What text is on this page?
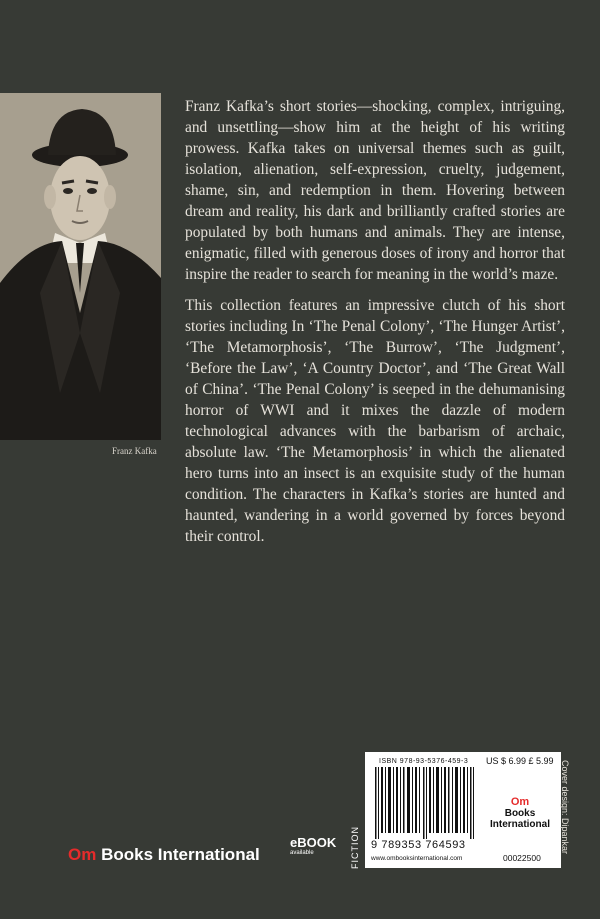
Franz Kafka

Franz Kafka’s short stories—shocking, complex, intriguing, and unsettling—show him at the height of his writing prowess. Kafka takes on universal themes such as guilt, isolation, alienation, self-expression, cruelty, judgement, shame, sin, and redemption in them. Hovering between dream and reality, his dark and brilliantly crafted stories are populated by both humans and animals. They are intense, enigmatic, filled with generous doses of irony and horror that inspire the reader to search for meaning in the world’s maze.

This collection features an impressive clutch of his short stories including In ‘The Penal Colony’, ‘The Hunger Artist’, ‘The Metamorphosis’, ‘The Burrow’, ‘The Judgment’, ‘Before the Law’, ‘A Country Doctor’, and ‘The Great Wall of China’. ‘The Penal Colony’ is seeped in the dehumanising horror of WWI and it mixes the dazzle of modern technological advances with the barbarism of archaic, absolute law. ‘The Metamorphosis’ in which the alienated hero turns into an insect is an exquisite study of the human condition. The characters in Kafka’s stories are hunted and haunted, wandering in a world governed by forces beyond their control.

Om Books International
eBOOK
available	FICTION
ISBN 978-93-5376-459-3 US $ 6.99 £ 5.99
9 789353 764593
www.ombooksinternational.com
Om
Books International
00022500
Cover design: Dipankar
